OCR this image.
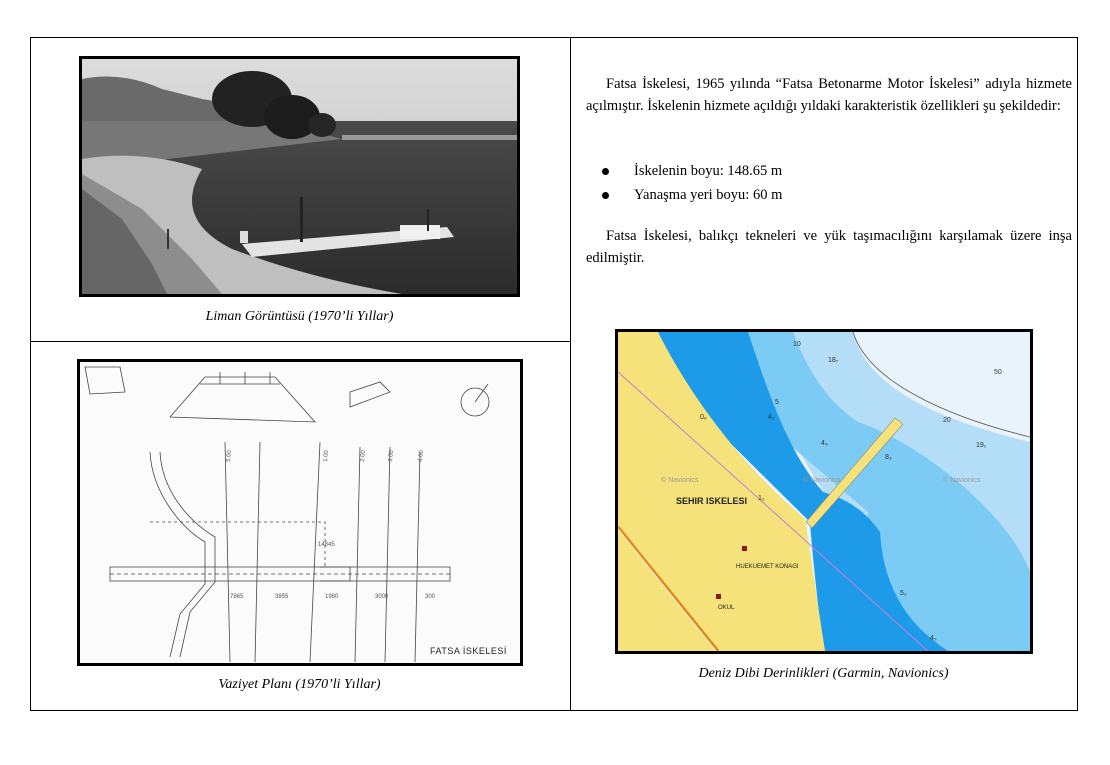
Liman Görüntüsü (1970’li Yıllar)
14845
7865	3855	1980	3000	300
1.00	2.00	3.00	4.00
5.00
FATSA İSKELESİ
Vaziyet Planı (1970’li Yıllar)
Fatsa İskelesi, 1965 yılında “Fatsa Betonarme Motor İskelesi” adıyla hizmete açılmıştır. İskelenin hizmete açıldığı yıldaki karakteristik özellikleri şu şekildedir:
İskelenin boyu: 148.65 m
Yanaşma yeri boyu: 60 m
Fatsa İskelesi, balıkçı tekneleri ve yük taşımacılığını karşılamak üzere inşa edilmiştir.
10
18₇
50
20
19₁
5
4₁
0₈
4₄
8₃
1₂
5₃
4₃
© Navionics	© Navionics	© Navionics
SEHIR ISKELESI
HUEKUEMET KONAGI
OKUL
Deniz Dibi Derinlikleri (Garmin, Navionics)
